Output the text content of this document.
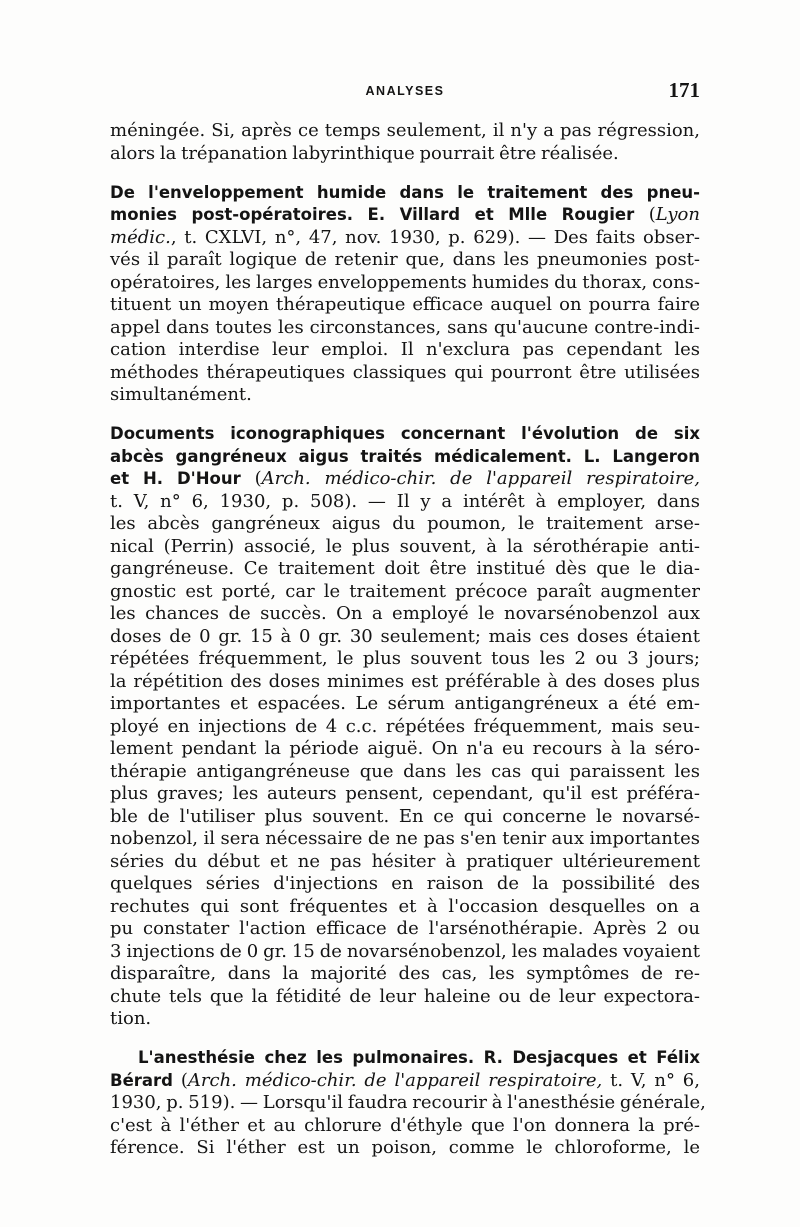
ANALYSES	171
méningée. Si, après ce temps seulement, il n'y a pas régression,
alors la trépanation labyrinthique pourrait être réalisée.
De l'enveloppement humide dans le traitement des pneu-
monies post-opératoires. E. Villard et Mlle Rougier (Lyon
médic., t. CXLVI, n°, 47, nov. 1930, p. 629). — Des faits obser-
vés il paraît logique de retenir que, dans les pneumonies post-
opératoires, les larges enveloppements humides du thorax, cons-
tituent un moyen thérapeutique efficace auquel on pourra faire
appel dans toutes les circonstances, sans qu'aucune contre-indi-
cation interdise leur emploi. Il n'exclura pas cependant les
méthodes thérapeutiques classiques qui pourront être utilisées
simultanément.
Documents iconographiques concernant l'évolution de six
abcès gangréneux aigus traités médicalement. L. Langeron
et H. D'Hour (Arch. médico-chir. de l'appareil respiratoire,
t. V, n° 6, 1930, p. 508). — Il y a intérêt à employer, dans
les abcès gangréneux aigus du poumon, le traitement arse-
nical (Perrin) associé, le plus souvent, à la sérothérapie anti-
gangréneuse. Ce traitement doit être institué dès que le dia-
gnostic est porté, car le traitement précoce paraît augmenter
les chances de succès. On a employé le novarsénobenzol aux
doses de 0 gr. 15 à 0 gr. 30 seulement; mais ces doses étaient
répétées fréquemment, le plus souvent tous les 2 ou 3 jours;
la répétition des doses minimes est préférable à des doses plus
importantes et espacées. Le sérum antigangréneux a été em-
ployé en injections de 4 c.c. répétées fréquemment, mais seu-
lement pendant la période aiguë. On n'a eu recours à la séro-
thérapie antigangréneuse que dans les cas qui paraissent les
plus graves; les auteurs pensent, cependant, qu'il est préféra-
ble de l'utiliser plus souvent. En ce qui concerne le novarsé-
nobenzol, il sera nécessaire de ne pas s'en tenir aux importantes
séries du début et ne pas hésiter à pratiquer ultérieurement
quelques séries d'injections en raison de la possibilité des
rechutes qui sont fréquentes et à l'occasion desquelles on a
pu constater l'action efficace de l'arsénothérapie. Après 2 ou
3 injections de 0 gr. 15 de novarsénobenzol, les malades voyaient
disparaître, dans la majorité des cas, les symptômes de re-
chute tels que la fétidité de leur haleine ou de leur expectora-
tion.
L'anesthésie chez les pulmonaires. R. Desjacques et Félix
Bérard (Arch. médico-chir. de l'appareil respiratoire, t. V, n° 6,
1930, p. 519). — Lorsqu'il faudra recourir à l'anesthésie générale,
c'est à l'éther et au chlorure d'éthyle que l'on donnera la pré-
férence. Si l'éther est un poison, comme le chloroforme, le
